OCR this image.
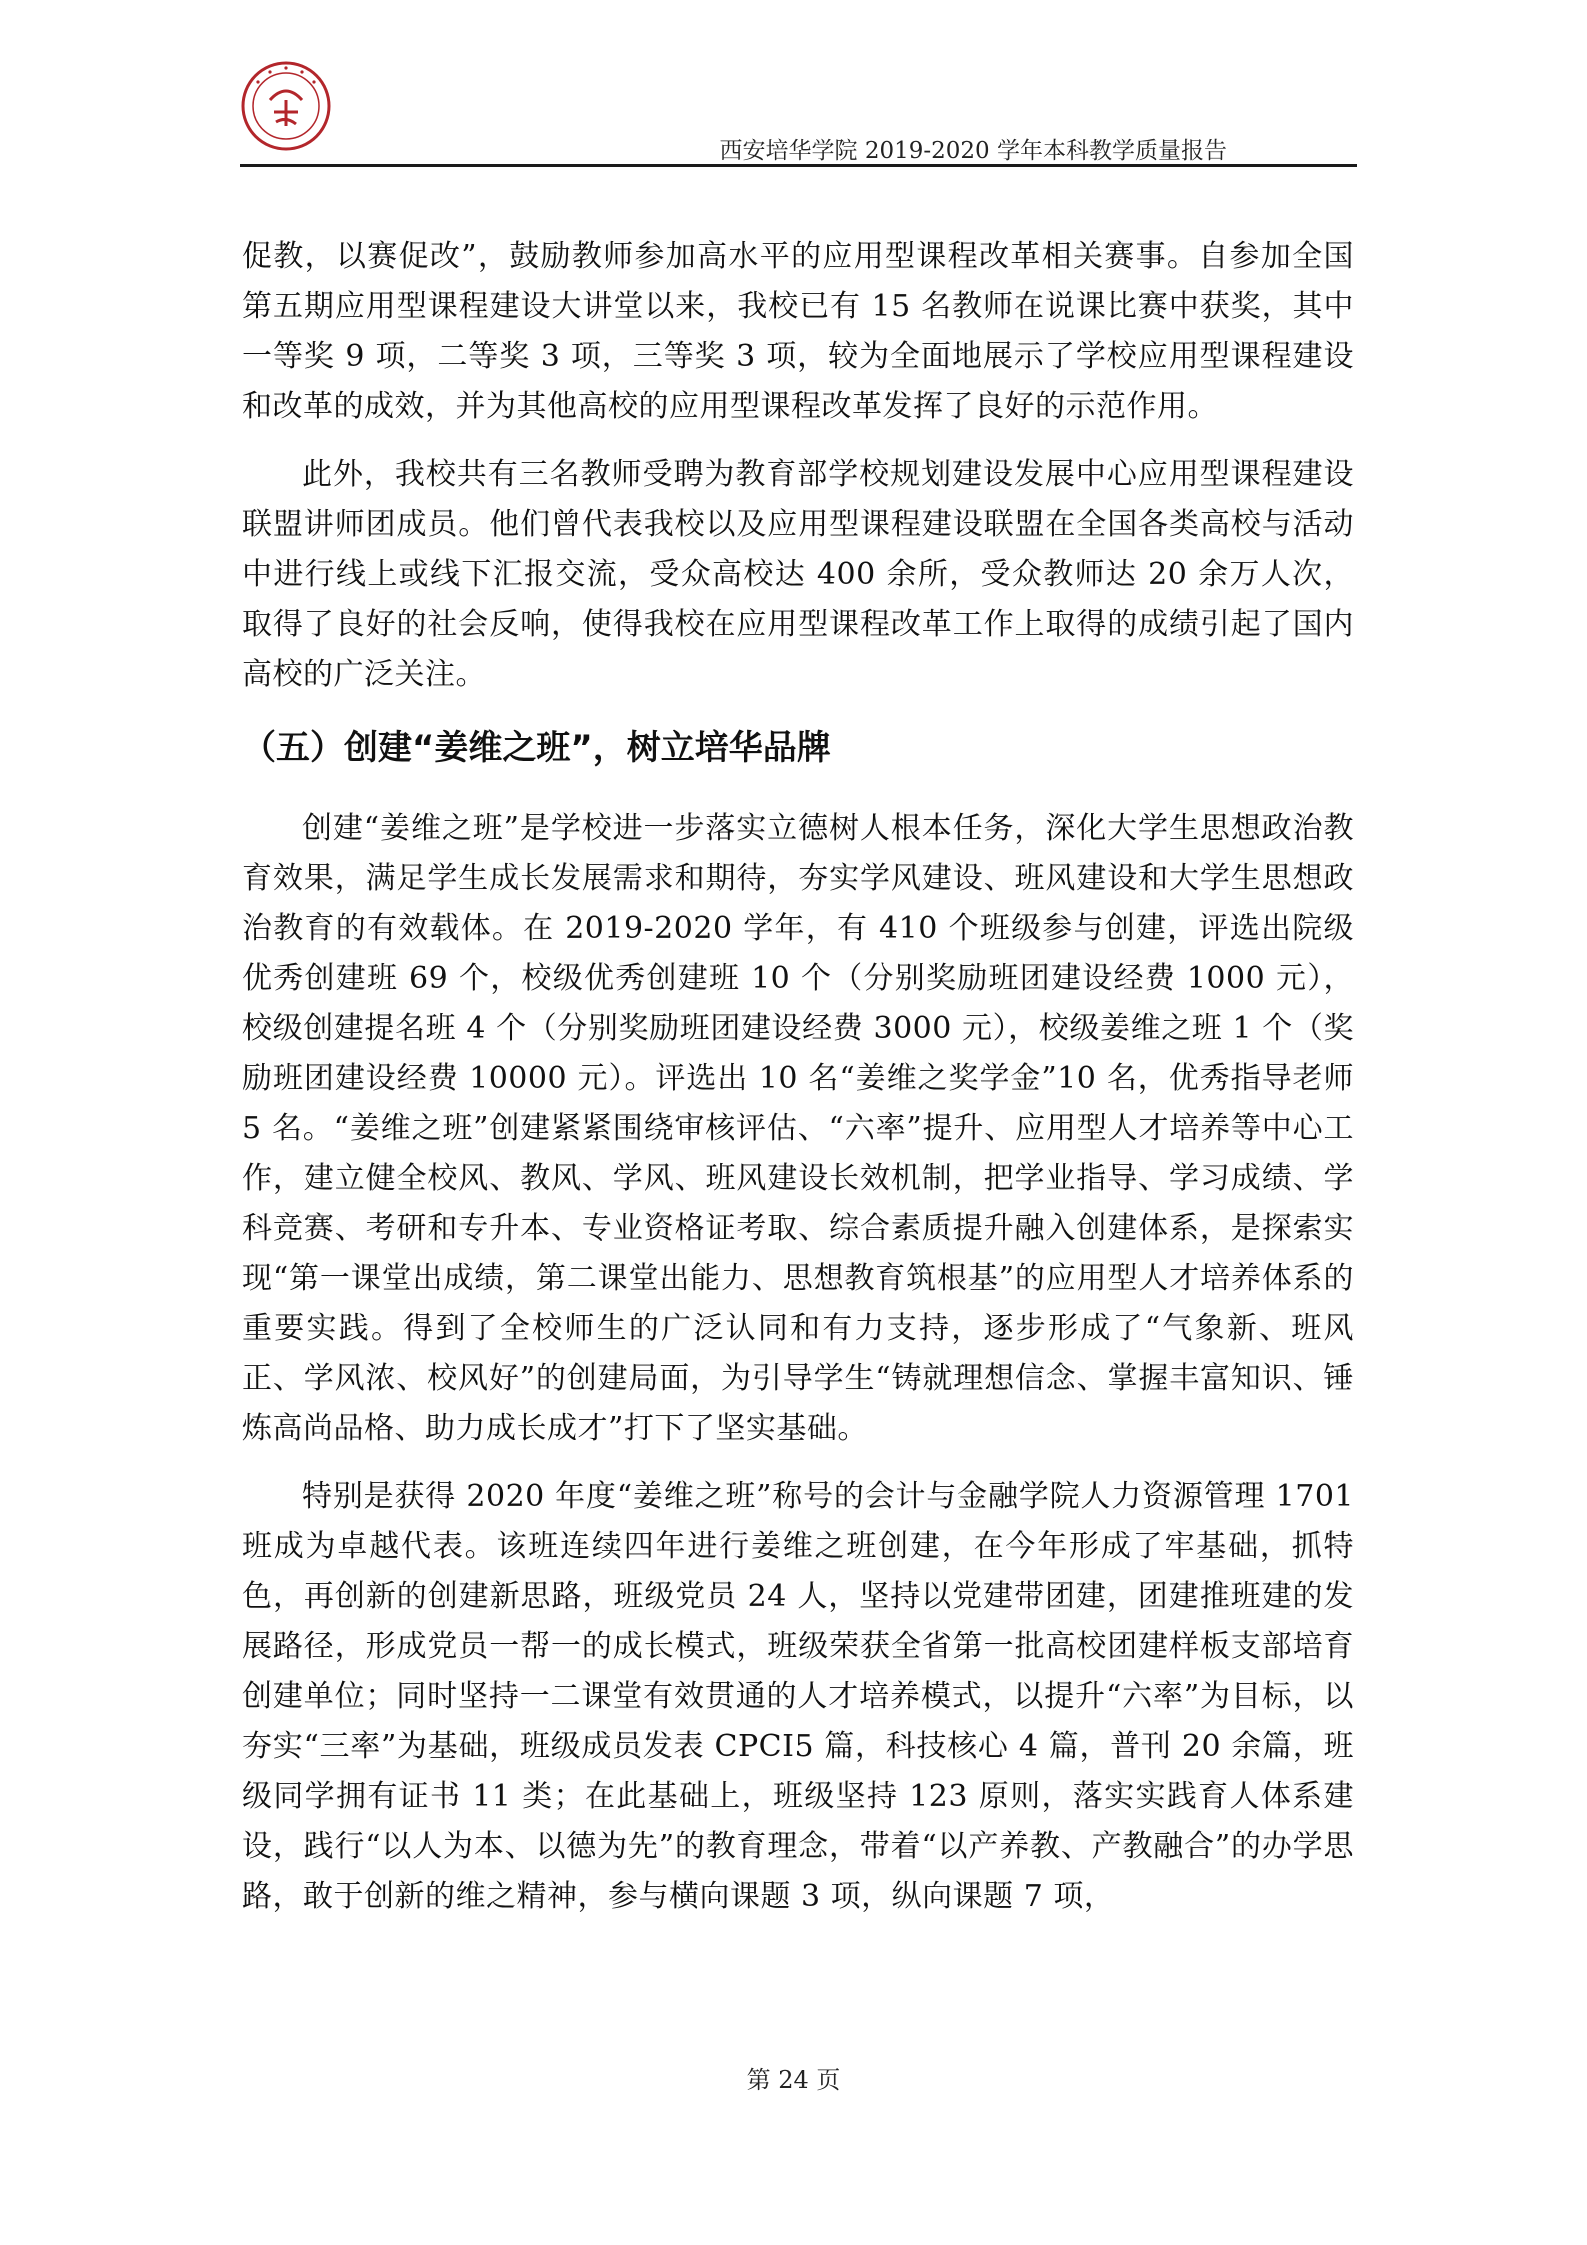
西安培华学院 2019-2020 学年本科教学质量报告

促教，以赛促改”，鼓励教师参加高水平的应用型课程改革相关赛事。自参加全国第五期应用型课程建设大讲堂以来，我校已有 15 名教师在说课比赛中获奖，其中一等奖 9 项，二等奖 3 项，三等奖 3 项，较为全面地展示了学校应用型课程建设和改革的成效，并为其他高校的应用型课程改革发挥了良好的示范作用。

此外，我校共有三名教师受聘为教育部学校规划建设发展中心应用型课程建设联盟讲师团成员。他们曾代表我校以及应用型课程建设联盟在全国各类高校与活动中进行线上或线下汇报交流，受众高校达 400 余所，受众教师达 20 余万人次，取得了良好的社会反响，使得我校在应用型课程改革工作上取得的成绩引起了国内高校的广泛关注。

（五）创建“姜维之班”，树立培华品牌

创建“姜维之班”是学校进一步落实立德树人根本任务，深化大学生思想政治教育效果，满足学生成长发展需求和期待，夯实学风建设、班风建设和大学生思想政治教育的有效载体。在 2019-2020 学年，有 410 个班级参与创建，评选出院级优秀创建班 69 个，校级优秀创建班 10 个（分别奖励班团建设经费 1000 元），校级创建提名班 4 个（分别奖励班团建设经费 3000 元），校级姜维之班 1 个（奖励班团建设经费 10000 元）。评选出 10 名“姜维之奖学金”10 名，优秀指导老师 5 名。“姜维之班”创建紧紧围绕审核评估、“六率”提升、应用型人才培养等中心工作，建立健全校风、教风、学风、班风建设长效机制，把学业指导、学习成绩、学科竞赛、考研和专升本、专业资格证考取、综合素质提升融入创建体系，是探索实现“第一课堂出成绩，第二课堂出能力、思想教育筑根基”的应用型人才培养体系的重要实践。得到了全校师生的广泛认同和有力支持，逐步形成了“气象新、班风正、学风浓、校风好”的创建局面，为引导学生“铸就理想信念、掌握丰富知识、锤炼高尚品格、助力成长成才”打下了坚实基础。

特别是获得 2020 年度“姜维之班”称号的会计与金融学院人力资源管理 1701 班成为卓越代表。该班连续四年进行姜维之班创建，在今年形成了牢基础，抓特色，再创新的创建新思路，班级党员 24 人，坚持以党建带团建，团建推班建的发展路径，形成党员一帮一的成长模式，班级荣获全省第一批高校团建样板支部培育创建单位；同时坚持一二课堂有效贯通的人才培养模式，以提升“六率”为目标，以夯实“三率”为基础，班级成员发表 CPCI5 篇，科技核心 4 篇，普刊 20 余篇，班级同学拥有证书 11 类；在此基础上，班级坚持 123 原则，落实实践育人体系建设，践行“以人为本、以德为先”的教育理念，带着“以产养教、产教融合”的办学思路，敢于创新的维之精神，参与横向课题 3 项，纵向课题 7 项，

第 24 页
